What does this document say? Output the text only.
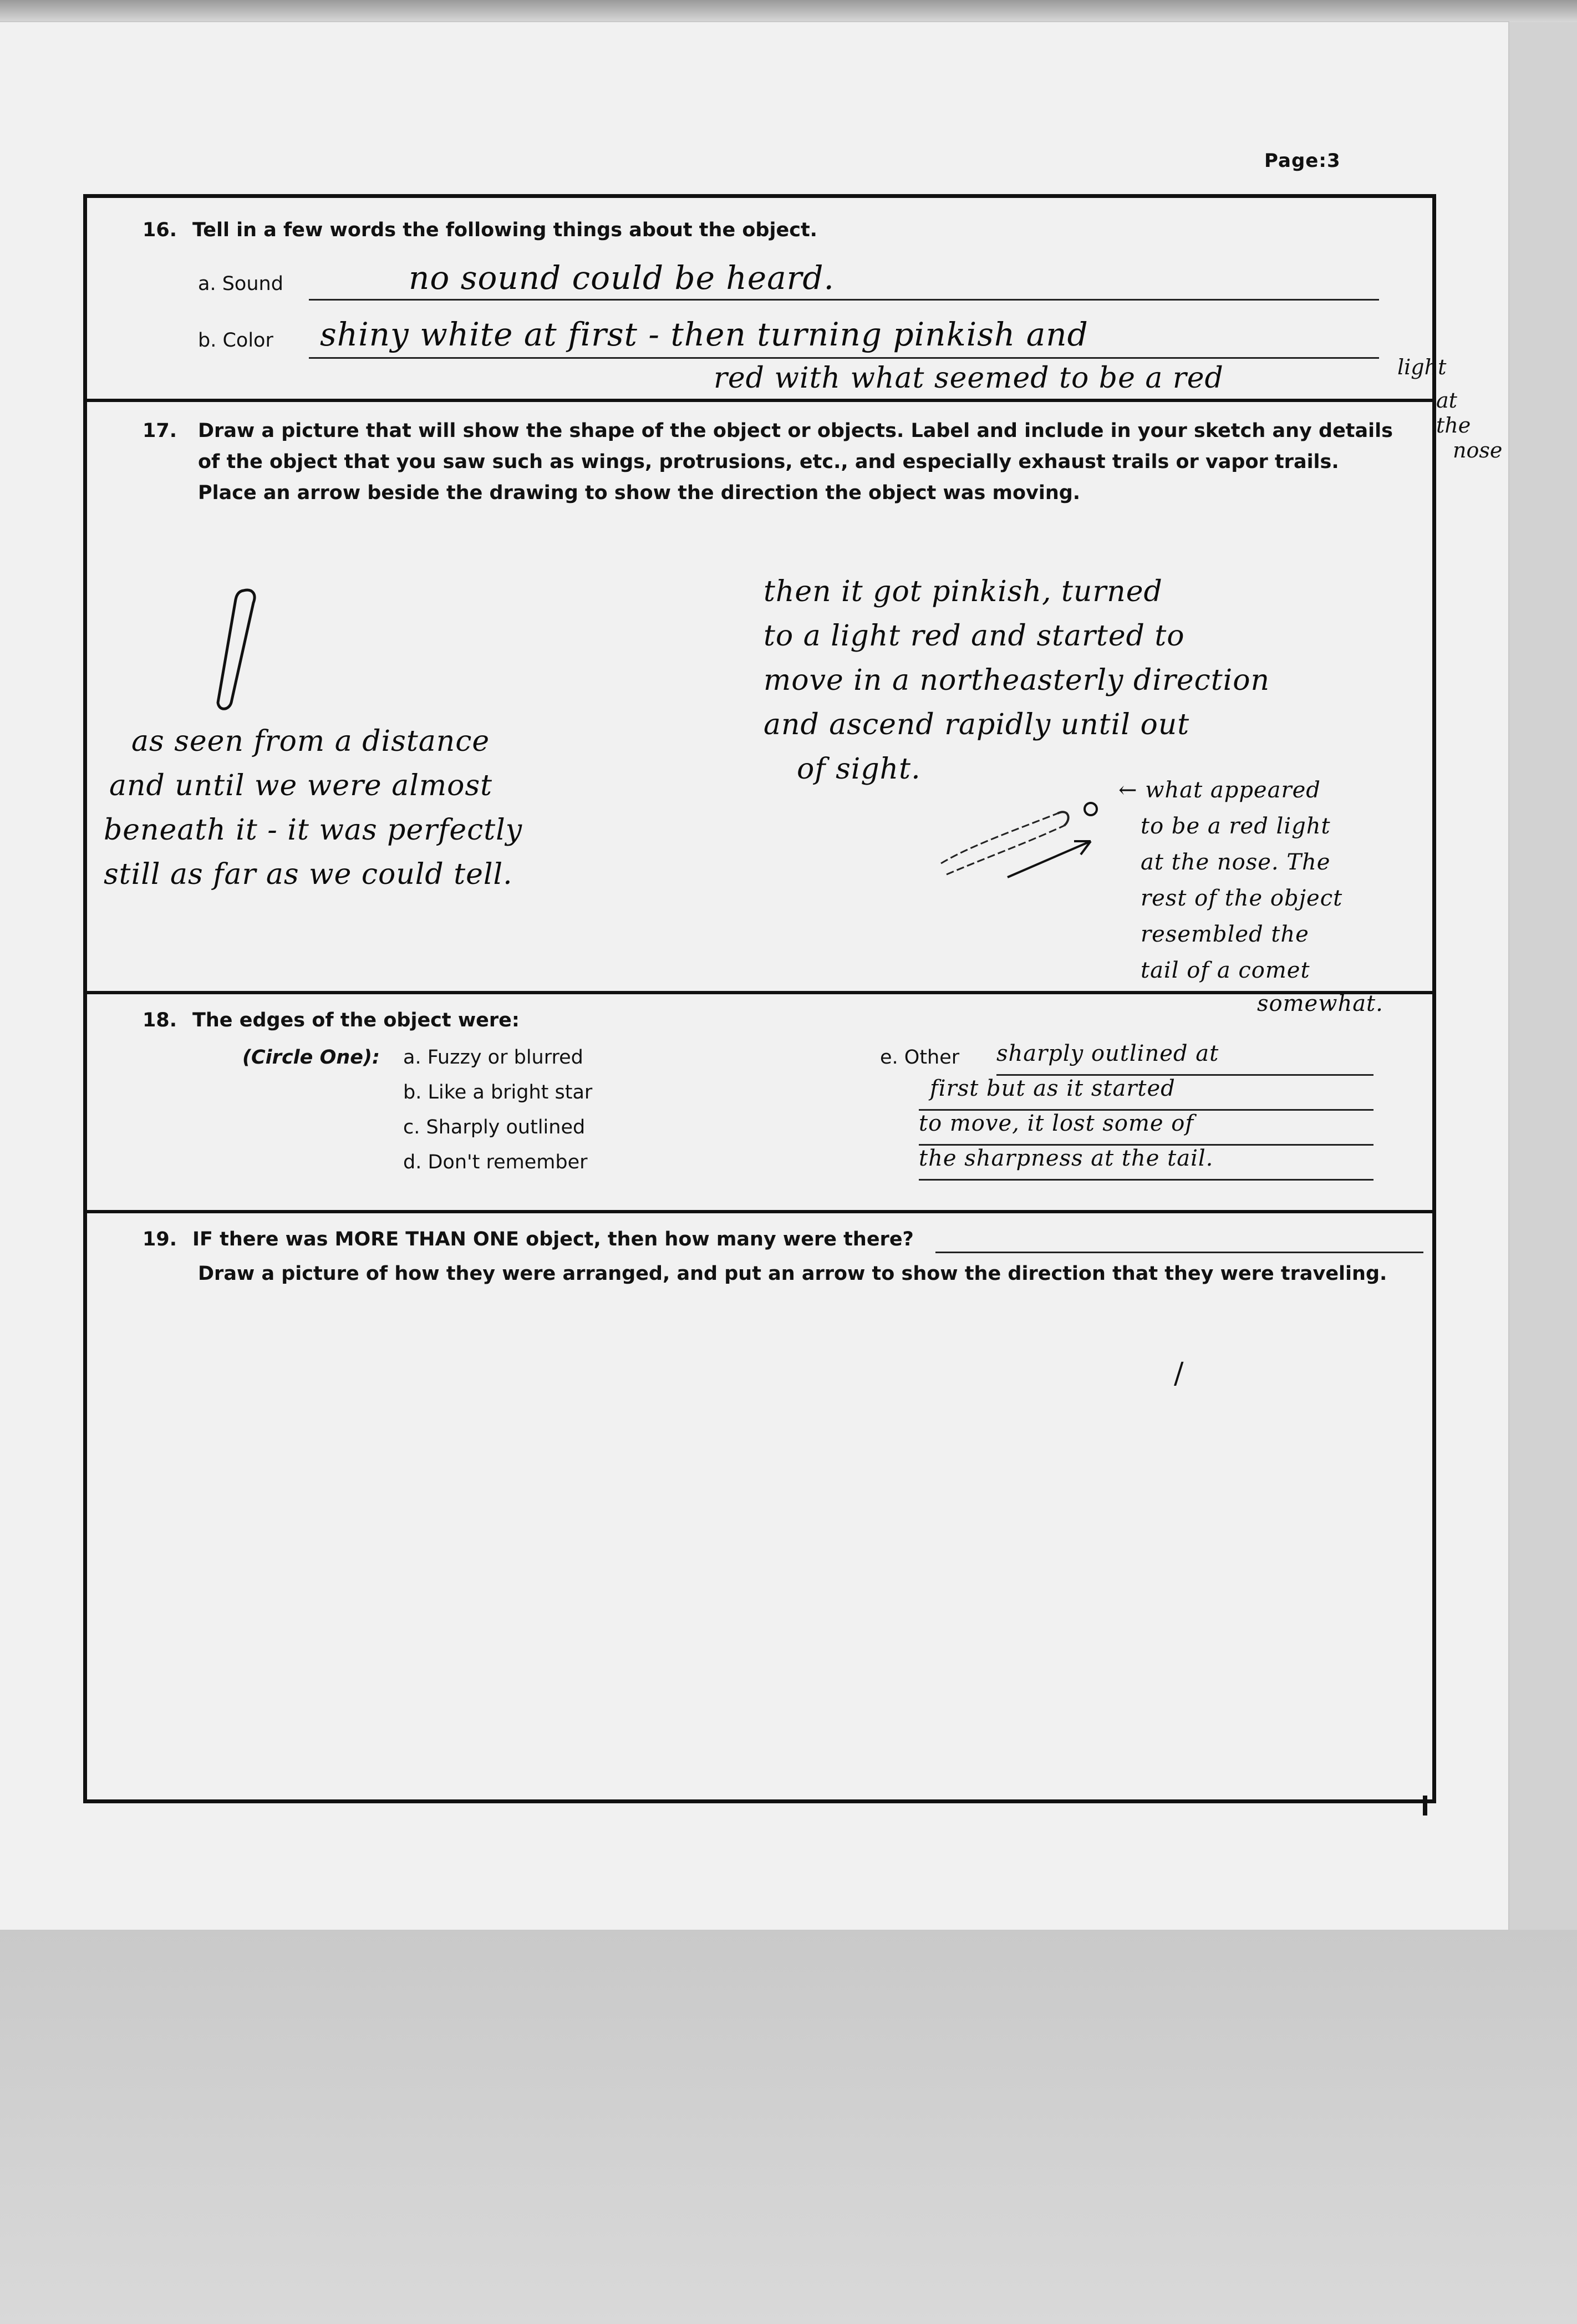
Page:3
16. Tell in a few words the following things about the object.
a. Sound	no sound could be heard.
b. Color shiny white at first - then turning pinkish and
red with what seemed to be a red
17. Draw a picture that will show the shape of the object or objects. Label and include in your sketch any details
of the object that you saw such as wings, protrusions, etc., and especially exhaust trails or vapor trails.
Place an arrow beside the drawing to show the direction the object was moving.
as seen from a distance
and until we were almost
beneath it - it was perfectly
still as far as we could tell.
then it got pinkish, turned
to a light red and started to
move in a northeasterly direction
and ascend rapidly until out
of sight.
← what appeared
to be a red light
at the nose. The
rest of the object
resembled the
tail of a comet
somewhat.
18. The edges of the object were:
(Circle One): a. Fuzzy or blurred
b. Like a bright star
c. Sharply outlined
d. Don't remember
e. Other sharply outlined at
first but as it started
to move, it lost some of
the sharpness at the tail.
19. IF there was MORE THAN ONE object, then how many were there?
Draw a picture of how they were arranged, and put an arrow to show the direction that they were traveling.
/
light
at
the
nose
